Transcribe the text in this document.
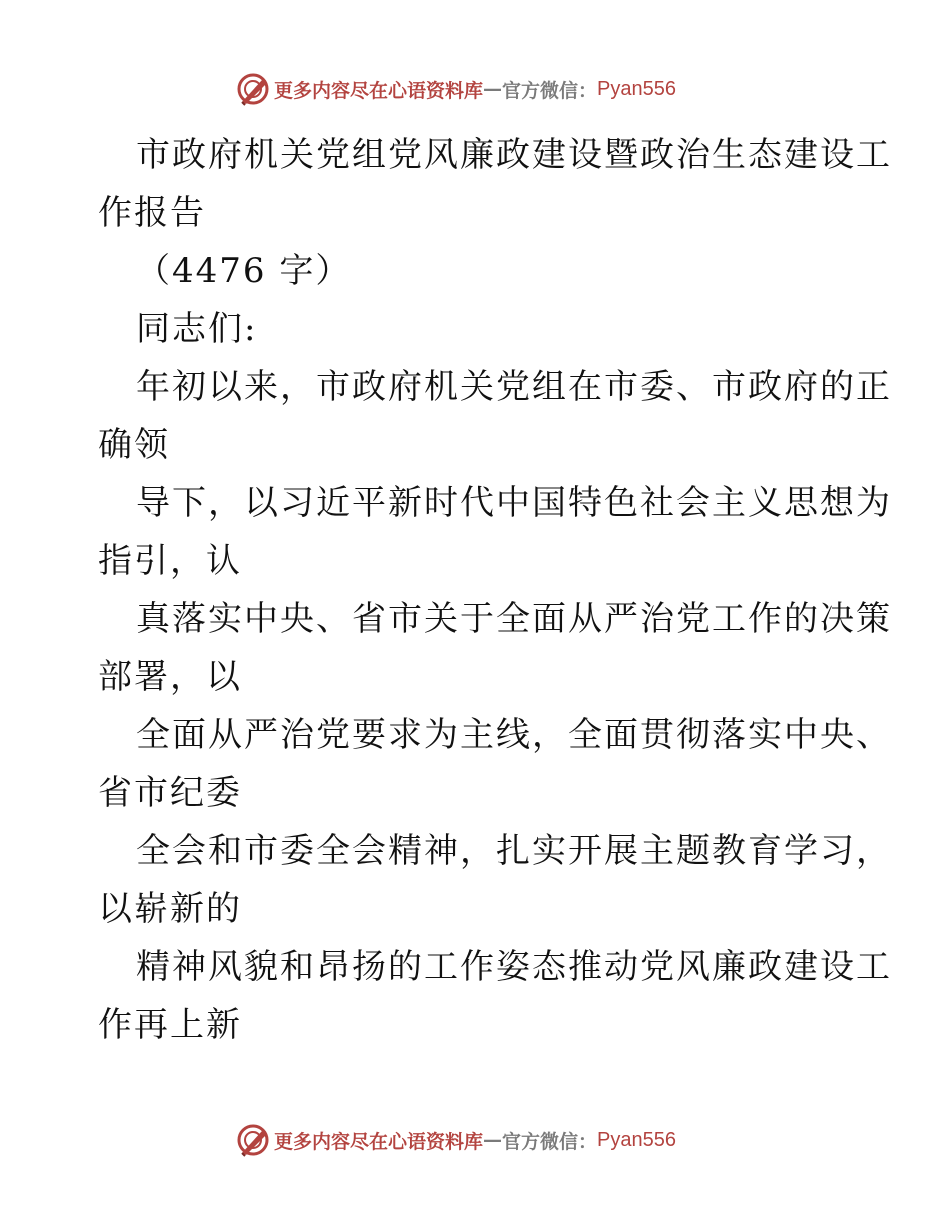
更多内容尽在心语资料库 — 官方微信： Pyan556
市政府机关党组党风廉政建设暨政治生态建设工
作报告
（4476 字）
同志们:
年初以来，市政府机关党组在市委、市政府的正
确领
导下，以习近平新时代中国特色社会主义思想为
指引，认
真落实中央、省市关于全面从严治党工作的决策
部署，以
全面从严治党要求为主线，全面贯彻落实中央、
省市纪委
全会和市委全会精神，扎实开展主题教育学习，
以崭新的
精神风貌和昂扬的工作姿态推动党风廉政建设工
作再上新
更多内容尽在心语资料库 — 官方微信： Pyan556
